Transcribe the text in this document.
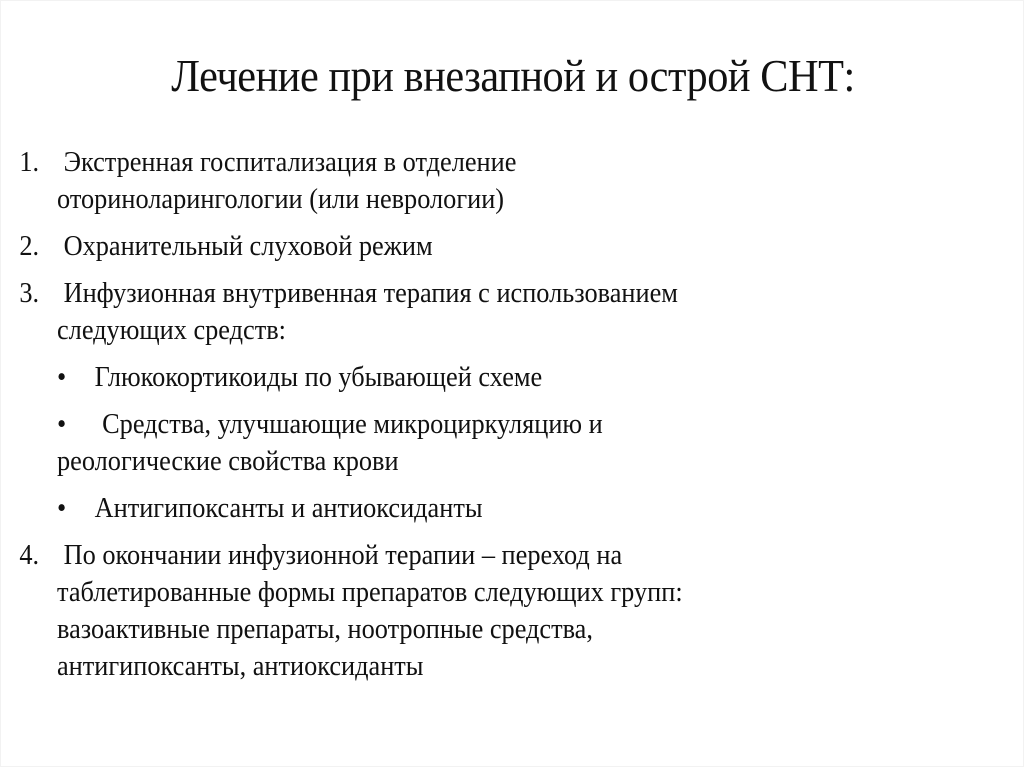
Лечение при внезапной и острой СНТ:
1. Экстренная госпитализация в отделение
оториноларингологии (или неврологии)
2. Охранительный слуховой режим
3. Инфузионная внутривенная терапия с использованием
следующих средств:
• Глюкокортикоиды по убывающей схеме
• Средства, улучшающие микроциркуляцию и
реологические свойства крови
• Антигипоксанты и антиоксиданты
4. По окончании инфузионной терапии – переход на
таблетированные формы препаратов следующих групп:
вазоактивные препараты, ноотропные средства,
антигипоксанты, антиоксиданты
